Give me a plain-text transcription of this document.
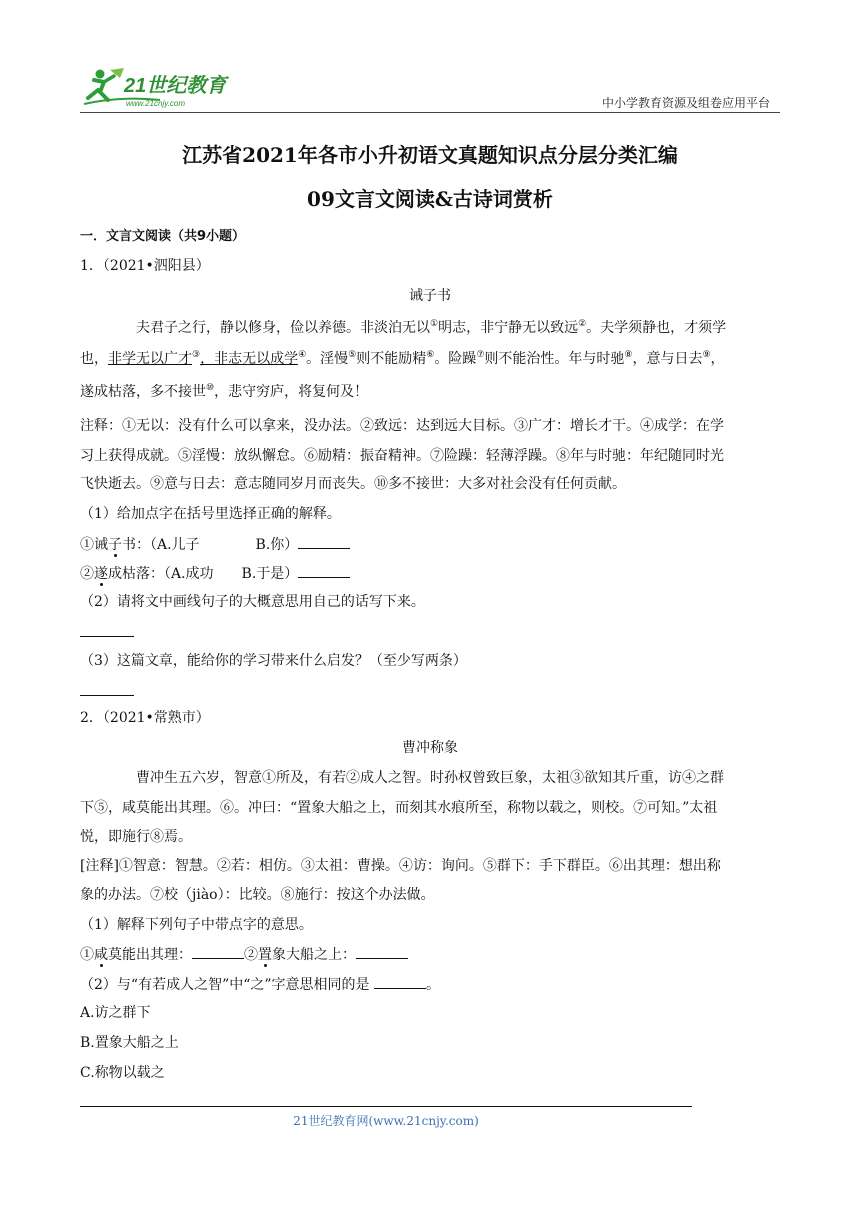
21世纪教育
www.21cnjy.com	中小学教育资源及组卷应用平台
江苏省2021年各市小升初语文真题知识点分层分类汇编
09文言文阅读&古诗词赏析
一．文言文阅读（共9小题）
1．（2021•泗阳县）
诫子书
夫君子之行，静以修身，俭以养德。非淡泊无以①明志，非宁静无以致远②。夫学须静也，才须学
也，非学无以广才③，非志无以成学④。淫慢⑤则不能励精⑥。险躁⑦则不能治性。年与时驰⑧，意与日去⑨，
遂成枯落，多不接世⑩，悲守穷庐，将复何及！
注释：①无以：没有什么可以拿来，没办法。②致远：达到远大目标。③广才：增长才干。④成学：在学
习上获得成就。⑤淫慢：放纵懈怠。⑥励精：振奋精神。⑦险躁：轻薄浮躁。⑧年与时驰：年纪随同时光
飞快逝去。⑨意与日去：意志随同岁月而丧失。⑩多不接世：大多对社会没有任何贡献。
（1）给加点字在括号里选择正确的解释。
①诫子书：（A.儿子　　　　B.你）
②遂成枯落：（A.成功　　B.于是）
（2）请将文中画线句子的大概意思用自己的话写下来。
（3）这篇文章，能给你的学习带来什么启发？（至少写两条）
2．（2021•常熟市）
曹冲称象
曹冲生五六岁，智意①所及，有若②成人之智。时孙权曾致巨象，太祖③欲知其斤重，访④之群
下⑤，咸莫能出其理。⑥。冲曰：“置象大船之上，而刻其水痕所至，称物以载之，则校。⑦可知。”太祖
悦，即施行⑧焉。
[注释]①智意：智慧。②若：相仿。③太祖：曹操。④访：询问。⑤群下：手下群臣。⑥出其理：想出称
象的办法。⑦校（jiào）：比较。⑧施行：按这个办法做。
（1）解释下列句子中带点字的意思。
①咸莫能出其理：	②置象大船之上：
（2）与“有若成人之智”中“之”字意思相同的是	。
A.访之群下
B.置象大船之上
C.称物以载之
21世纪教育网(www.21cnjy.com)
